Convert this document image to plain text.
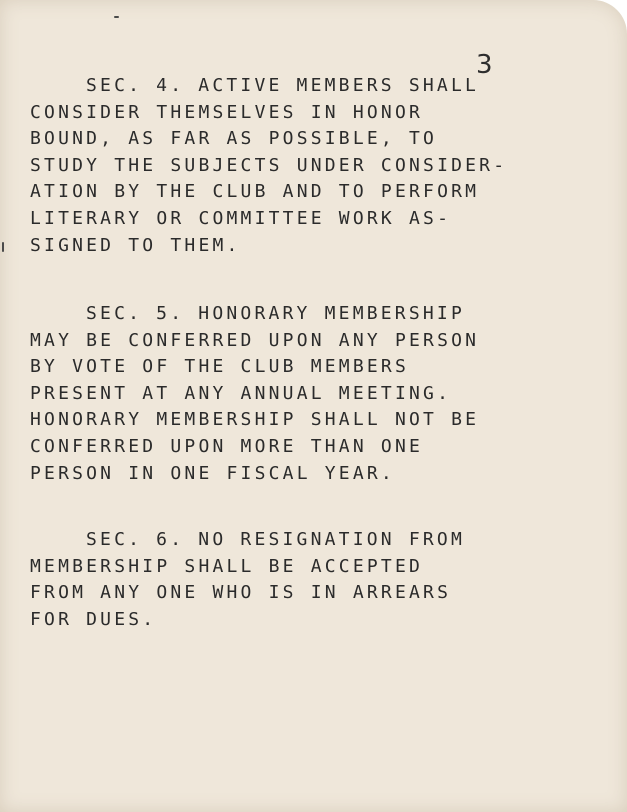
3
SEC. 4. ACTIVE MEMBERS SHALL
CONSIDER THEMSELVES IN HONOR
BOUND, AS FAR AS POSSIBLE, TO
STUDY THE SUBJECTS UNDER CONSIDER-
ATION BY THE CLUB AND TO PERFORM
LITERARY OR COMMITTEE WORK AS-
SIGNED TO THEM.
SEC. 5. HONORARY MEMBERSHIP
MAY BE CONFERRED UPON ANY PERSON
BY VOTE OF THE CLUB MEMBERS
PRESENT AT ANY ANNUAL MEETING.
HONORARY MEMBERSHIP SHALL NOT BE
CONFERRED UPON MORE THAN ONE
PERSON IN ONE FISCAL YEAR.
SEC. 6. NO RESIGNATION FROM
MEMBERSHIP SHALL BE ACCEPTED
FROM ANY ONE WHO IS IN ARREARS
FOR DUES.
